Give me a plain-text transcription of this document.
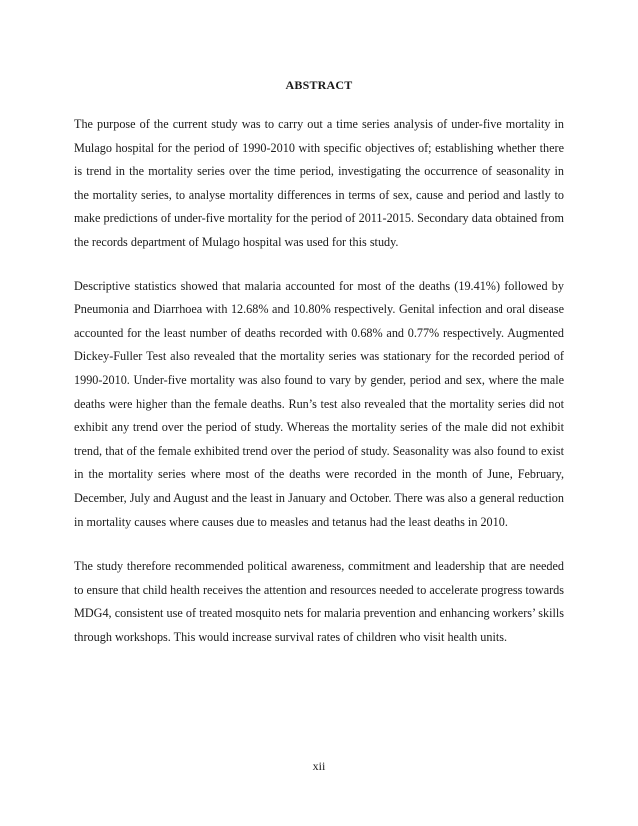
ABSTRACT

The purpose of the current study was to carry out a time series analysis of under-five mortality in Mulago hospital for the period of 1990-2010 with specific objectives of; establishing whether there is trend in the mortality series over the time period, investigating the occurrence of seasonality in the mortality series, to analyse mortality differences in terms of sex, cause and period and lastly to make predictions of under-five mortality for the period of 2011-2015. Secondary data obtained from the records department of Mulago hospital was used for this study.

Descriptive statistics showed that malaria accounted for most of the deaths (19.41%) followed by Pneumonia and Diarrhoea with 12.68% and 10.80% respectively. Genital infection and oral disease accounted for the least number of deaths recorded with 0.68% and 0.77% respectively. Augmented Dickey-Fuller Test also revealed that the mortality series was stationary for the recorded period of 1990-2010. Under-five mortality was also found to vary by gender, period and sex, where the male deaths were higher than the female deaths. Run’s test also revealed that the mortality series did not exhibit any trend over the period of study. Whereas the mortality series of the male did not exhibit trend, that of the female exhibited trend over the period of study. Seasonality was also found to exist in the mortality series where most of the deaths were recorded in the month of June, February, December, July and August and the least in January and October. There was also a general reduction in mortality causes where causes due to measles and tetanus had the least deaths in 2010.

The study therefore recommended political awareness, commitment and leadership that are needed to ensure that child health receives the attention and resources needed to accelerate progress towards MDG4, consistent use of treated mosquito nets for malaria prevention and enhancing workers’ skills through workshops. This would increase survival rates of children who visit health units.

xii
